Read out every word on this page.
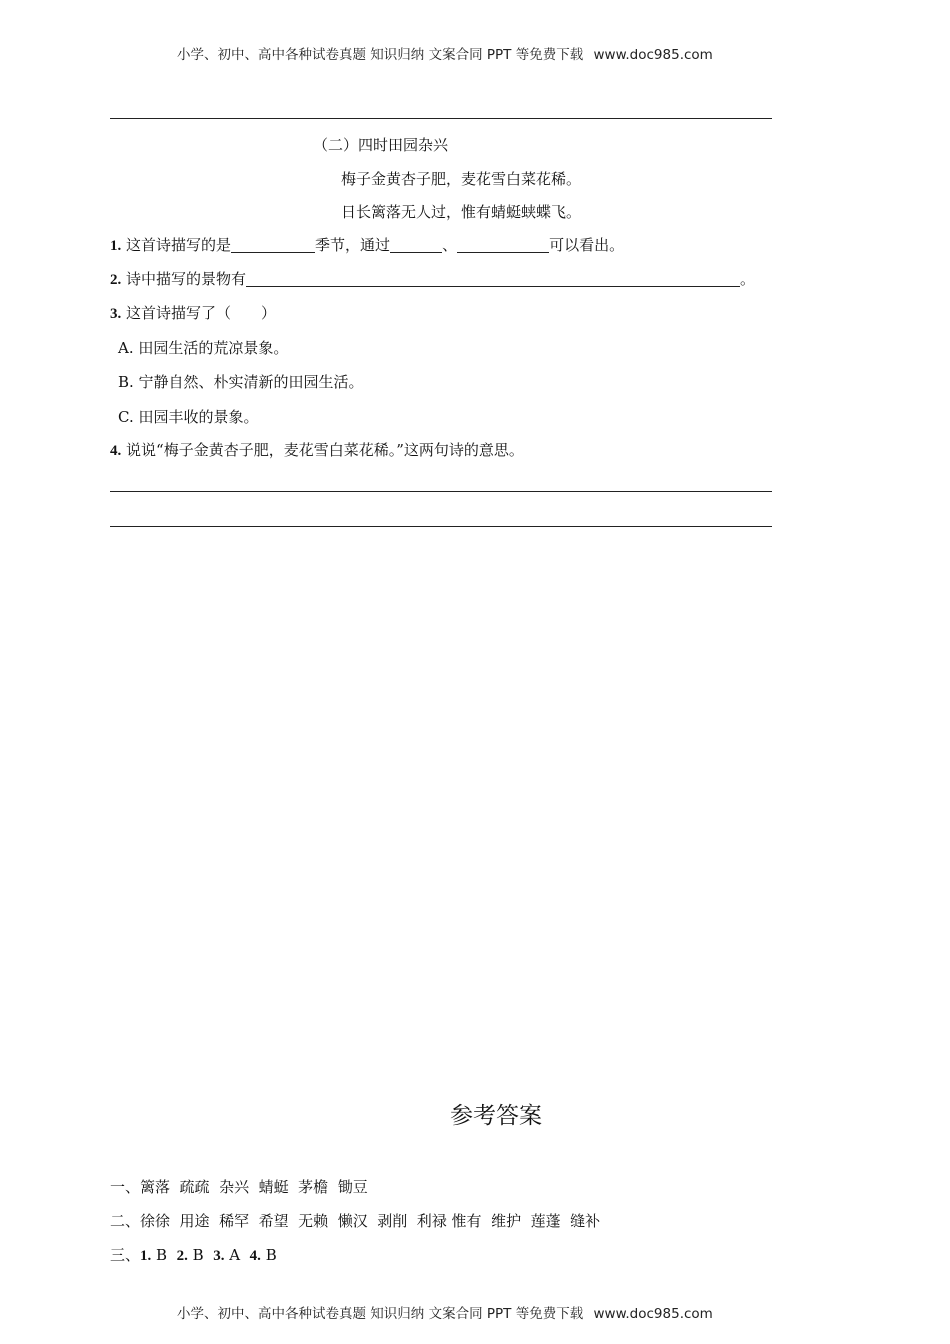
小学、初中、高中各种试卷真题 知识归纳 文案合同 PPT 等免费下载 www.doc985.com
（二）四时田园杂兴
梅子金黄杏子肥，麦花雪白菜花稀。
日长篱落无人过，惟有蜻蜓蛱蝶飞。
1. 这首诗描写的是	季节，通过	、	可以看出。
2. 诗中描写的景物有	。
3. 这首诗描写了（　　）
A. 田园生活的荒凉景象。
B. 宁静自然、朴实清新的田园生活。
C. 田园丰收的景象。
4. 说说“梅子金黄杏子肥，麦花雪白菜花稀。”这两句诗的意思。
参考答案
一、篱落  疏疏  杂兴  蜻蜓  茅檐  锄豆
二、徐徐  用途  稀罕  希望  无赖  懒汉  剥削  利禄 惟有  维护  莲蓬  缝补
三、1. B 2. B 3. A 4. B
小学、初中、高中各种试卷真题 知识归纳 文案合同 PPT 等免费下载 www.doc985.com
